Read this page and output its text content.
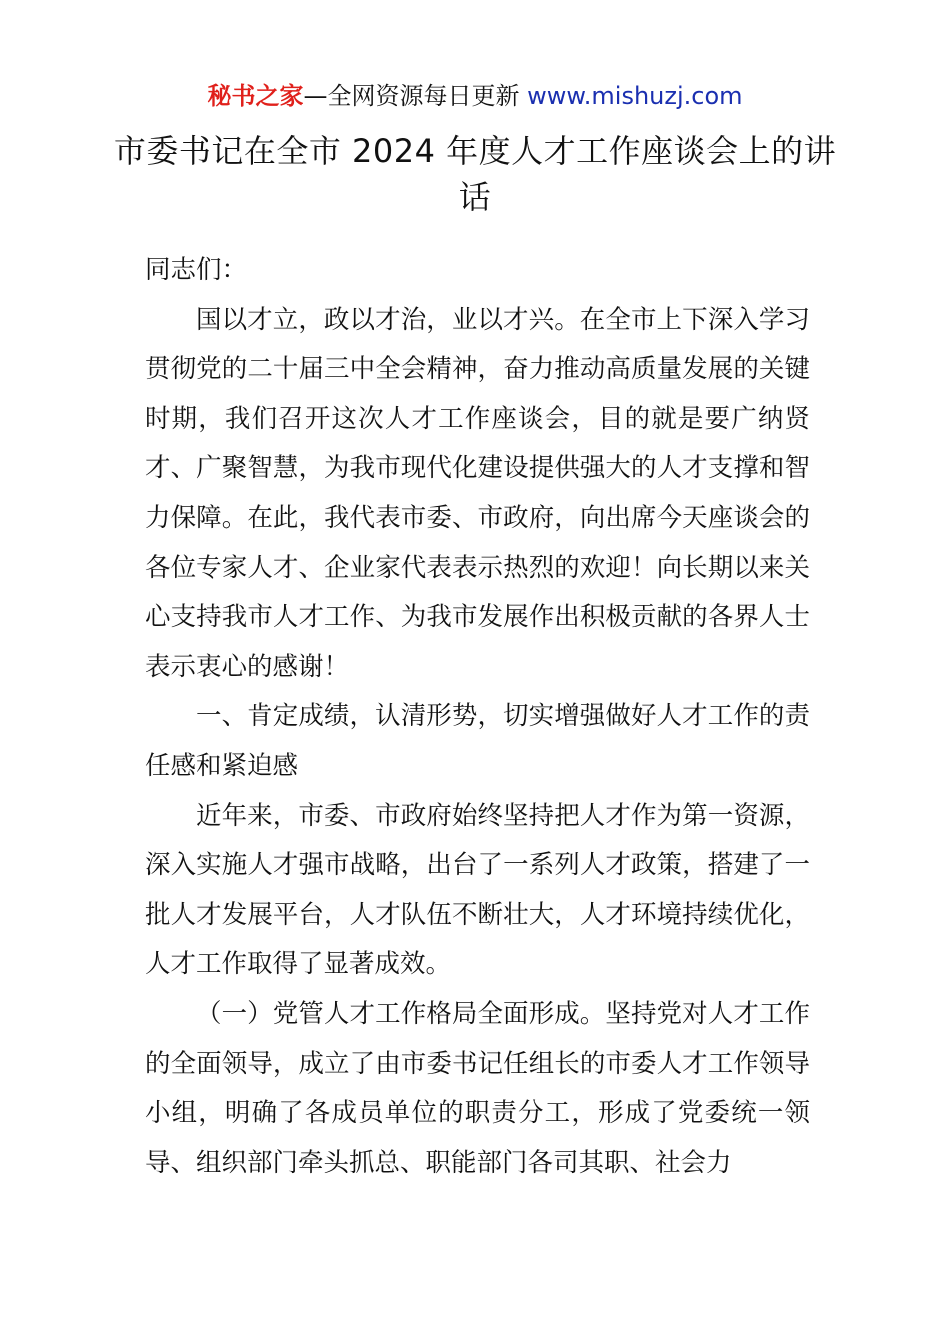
秘书之家—全网资源每日更新 www.mishuzj.com
市委书记在全市 2024 年度人才工作座谈会上的讲话

同志们：

国以才立，政以才治，业以才兴。在全市上下深入学习贯彻党的二十届三中全会精神，奋力推动高质量发展的关键时期，我们召开这次人才工作座谈会，目的就是要广纳贤才、广聚智慧，为我市现代化建设提供强大的人才支撑和智力保障。在此，我代表市委、市政府，向出席今天座谈会的各位专家人才、企业家代表表示热烈的欢迎！向长期以来关心支持我市人才工作、为我市发展作出积极贡献的各界人士表示衷心的感谢！

一、肯定成绩，认清形势，切实增强做好人才工作的责任感和紧迫感

近年来，市委、市政府始终坚持把人才作为第一资源，深入实施人才强市战略，出台了一系列人才政策，搭建了一批人才发展平台，人才队伍不断壮大，人才环境持续优化，人才工作取得了显著成效。

（一）党管人才工作格局全面形成。坚持党对人才工作的全面领导，成立了由市委书记任组长的市委人才工作领导小组，明确了各成员单位的职责分工，形成了党委统一领导、组织部门牵头抓总、职能部门各司其职、社会力
